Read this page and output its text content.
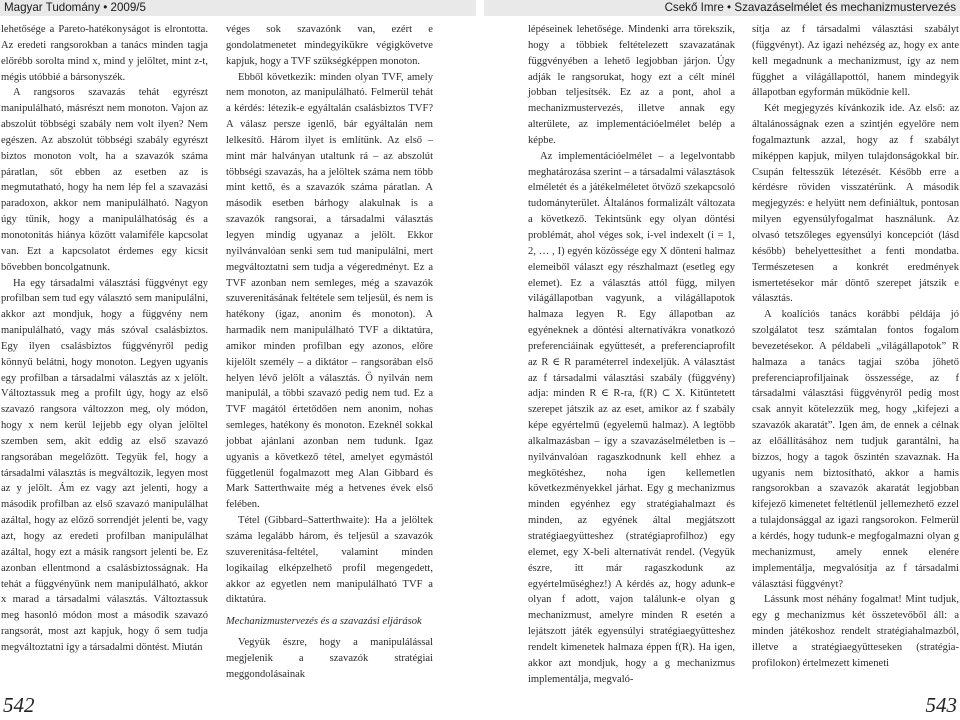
Magyar Tudomány • 2009/5	Csekő Imre • Szavazáselmélet és mechanizmustervezés

lehetősége a Pareto-hatékonyságot is elrontotta. Az eredeti rangsorokban a tanács minden tagja előrébb sorolta mind x, mind y jelöltet, mint z-t, mégis utóbbié a bársonyszék.

A rangsoros szavazás tehát egyrészt manipulálható, másrészt nem monoton. Vajon az abszolút többségi szabály nem volt ilyen? Nem egészen. Az abszolút többségi szabály egyrészt biztos monoton volt, ha a szavazók száma páratlan, sőt ebben az esetben az is megmutatható, hogy ha nem lép fel a szavazási paradoxon, akkor nem manipulálható. Nagyon úgy tűnik, hogy a manipulálhatóság és a monotonitás hiánya között valamiféle kapcsolat van. Ezt a kapcsolatot érdemes egy kicsit bővebben boncolgatnunk.

Ha egy társadalmi választási függvényt egy profilban sem tud egy választó sem manipulálni, akkor azt mondjuk, hogy a függvény nem manipulálható, vagy más szóval csalásbiztos. Egy ilyen csalásbiztos függvényről pedig könnyű belátni, hogy monoton. Legyen ugyanis egy profilban a társadalmi választás az x jelölt. Változtassuk meg a profilt úgy, hogy az első szavazó rangsora változzon meg, oly módon, hogy x nem kerül lejjebb egy olyan jelöltel szemben sem, akit eddig az első szavazó rangsorában megelőzött. Tegyük fel, hogy a társadalmi választás is megváltozik, legyen most az y jelölt. Ám ez vagy azt jelenti, hogy a második profilban az első szavazó manipulálhat azáltal, hogy az előző sorrendjét jelenti be, vagy azt, hogy az eredeti profilban manipulálhat azáltal, hogy ezt a másik rangsort jelenti be. Ez azonban ellentmond a csalásbiztosságnak. Ha tehát a függvényünk nem manipulálható, akkor x marad a társadalmi választás. Változtassuk meg hasonló módon most a második szavazó rangsorát, most azt kapjuk, hogy ő sem tudja megváltoztatni így a társadalmi döntést. Miután

véges sok szavazónk van, ezért e gondolatmenetet mindegyikükre végigkövetve kapjuk, hogy a TVF szükségképpen monoton.

Ebből következik: minden olyan TVF, amely nem monoton, az manipulálható. Felmerül tehát a kérdés: létezik-e egyáltalán csalásbiztos TVF? A válasz persze igenlő, bár egyáltalán nem lelkesítő. Három ilyet is említünk. Az első – mint már halványan utaltunk rá – az abszolút többségi szavazás, ha a jelöltek száma nem több mint kettő, és a szavazók száma páratlan. A második esetben bárhogy alakulnak is a szavazók rangsorai, a társadalmi választás legyen mindig ugyanaz a jelölt. Ekkor nyilvánvalóan senki sem tud manipulálni, mert megváltoztatni sem tudja a végeredményt. Ez a TVF azonban nem semleges, még a szavazók szuverenitásának feltétele sem teljesül, és nem is hatékony (igaz, anonim és monoton). A harmadik nem manipulálható TVF a diktatúra, amikor minden profilban egy azonos, előre kijelölt személy – a diktátor – rangsorában első helyen lévő jelölt a választás. Ő nyilván nem manipulál, a többi szavazó pedig nem tud. Ez a TVF magától értetődően nem anonim, nohas semleges, hatékony és monoton. Ezeknél sokkal jobbat ajánlani azonban nem tudunk. Igaz ugyanis a következő tétel, amelyet egymástól függetlenül fogalmazott meg Alan Gibbard és Mark Satterthwaite még a hetvenes évek első felében.

Tétel (Gibbard–Satterthwaite): Ha a jelöltek száma legalább három, és teljesül a szavazók szuverenitása-feltétel, valamint minden logikailag elképzelhető profil megengedett, akkor az egyetlen nem manipulálható TVF a diktatúra.

Mechanizmustervezés és a szavazási eljárások

Vegyük észre, hogy a manipulálással megjelenik a szavazók stratégiai meggondolásainak

lépéseinek lehetősége. Mindenki arra törekszik, hogy a többiek feltételezett szavazatának függvényében a lehető legjobban járjon. Úgy adják le rangsorukat, hogy ezt a célt minél jobban teljesítsék. Ez az a pont, ahol a mechanizmustervezés, illetve annak egy alterülete, az implementációelmélet belép a képbe.

Az implementációelmélet – a legelvontabb meghatározása szerint – a társadalmi választások elméletét és a játékelméletet ötvöző szekapcsoló tudományterület. Általános formalizált változata a következő. Tekintsünk egy olyan döntési problémát, ahol véges sok, i-vel indexelt (i = 1, 2, … , I) egyén közössége egy X dönteni halmaz elemeiből választ egy részhalmazt (esetleg egy elemet). Ez a választás attól függ, milyen világállapotban vagyunk, a világállapotok halmaza legyen R. Egy állapotban az egyéneknek a döntési alternatívákra vonatkozó preferenciáinak együttesét, a preferenciaprofilt az R ∈ R paraméterrel indexeljük. A választást az f társadalmi választási szabály (függvény) adja: minden R ∈ R-ra, f(R) ⊂ X. Kitüntetett szerepet játszik az az eset, amikor az f szabály képe egyértelmű (egyelemű halmaz). A legtöbb alkalmazásban – így a szavazáselméletben is – nyilvánvalóan ragaszkodnunk kell ehhez a megkötéshez, noha igen kellemetlen következményekkel járhat. Egy g mechanizmus minden egyénhez egy stratégiahalmazt és minden, az egyének által megjátszott stratégiaegyütteshez (stratégiaprofilhoz) egy elemet, egy X-beli alternatívát rendel. (Vegyük észre, itt már ragaszkodunk az egyértelműséghez!) A kérdés az, hogy adunk-e olyan f adott, vajon találunk-e olyan g mechanizmust, amelyre minden R esetén a lejátszott játék egyensúlyi stratégiaegyütteshez rendelt kimenetek halmaza éppen f(R). Ha igen, akkor azt mondjuk, hogy a g mechanizmus implementálja, megvaló-

sítja az f társadalmi választási szabályt (függvényt). Az igazi nehézség az, hogy ex ante kell megadnunk a mechanizmust, így az nem függhet a világállapottól, hanem mindegyik állapotban egyformán működnie kell.

Két megjegyzés kívánkozik ide. Az első: az általánosságnak ezen a szintjén egyelőre nem fogalmaztunk azzal, hogy az f szabályt miképpen kapjuk, milyen tulajdonságokkal bír. Csupán feltesszük létezését. Később erre a kérdésre röviden visszatérünk. A második megjegyzés: e helyütt nem definiáltuk, pontosan milyen egyensúlyfogalmat használunk. Az olvasó tetszőleges egyensúlyi koncepciót (lásd később) behelyettesíthet a fenti mondatba. Természetesen a konkrét eredmények ismertetésekor már döntő szerepet játszik e választás.

A koalíciós tanács korábbi példája jó szolgálatot tesz számtalan fontos fogalom bevezetésekor. A példabeli „világállapotok” R halmaza a tanács tagjai szóba jöhető preferenciaprofiljainak összessége, az f társadalmi választási függvényről pedig most csak annyit kötelezzük meg, hogy „kifejezi a szavazók akaratát”. Igen ám, de ennek a célnak az előállításához nem tudjuk garantálni, ha bízzos, hogy a tagok őszintén szavaznak. Ha ugyanis nem biztosítható, akkor a hamis rangsorokban a szavazók akaratát legjobban kifejező kimenetet feltétlenül jellemezhető ezzel a tulajdonsággal az igazi rangsorokon. Felmerül a kérdés, hogy tudunk-e megfogalmazni olyan g mechanizmust, amely ennek elenére implementálja, megvalósítja az f társadalmi választási függvényt?

Lássunk most néhány fogalmat! Mint tudjuk, egy g mechanizmus két összetevőből áll: a minden játékoshoz rendelt stratégiahalmazból, illetve a stratégiaegyütteseken (stratégia-profilokon) értelmezett kimeneti

542	543
